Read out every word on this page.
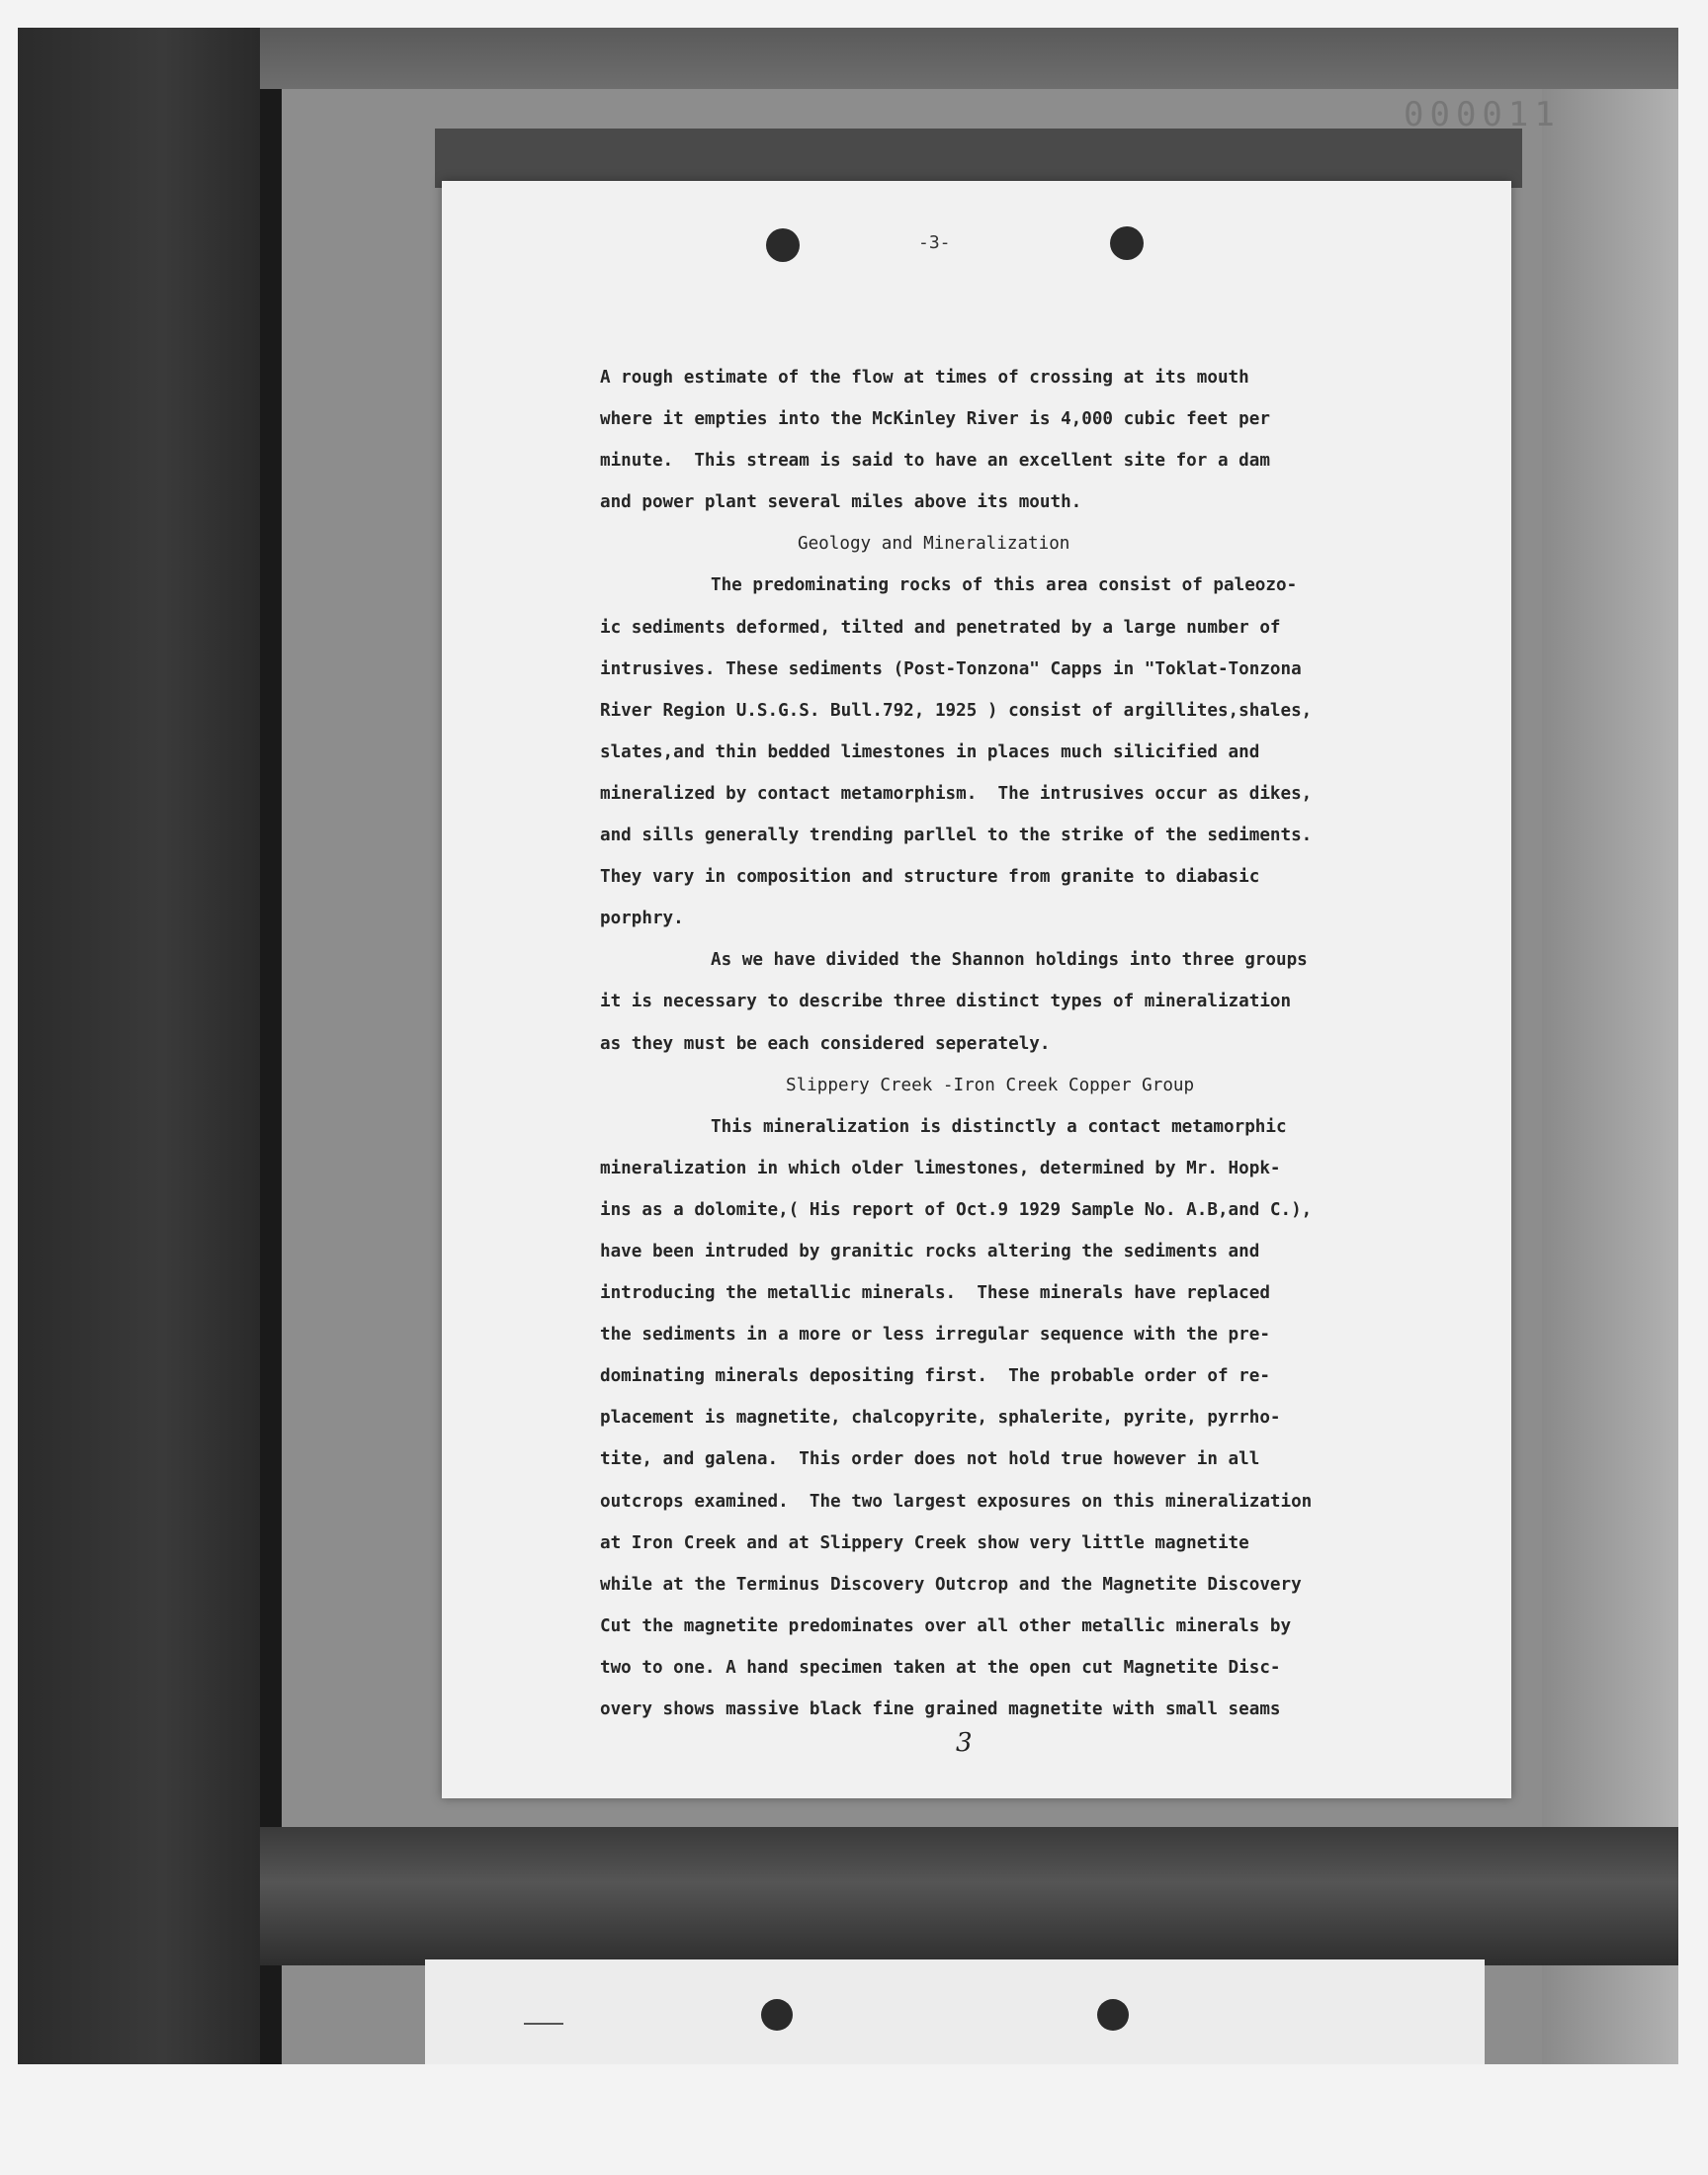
000011
-3-
A rough estimate of the flow at times of crossing at its mouth
where it empties into the McKinley River is 4,000 cubic feet per
minute.  This stream is said to have an excellent site for a dam
and power plant several miles above its mouth.
Geology and Mineralization
The predominating rocks of this area consist of paleozo-
ic sediments deformed, tilted and penetrated by a large number of
intrusives. These sediments (Post-Tonzona" Capps in "Toklat-Tonzona
River Region U.S.G.S. Bull.792, 1925 ) consist of argillites,shales,
slates,and thin bedded limestones in places much silicified and
mineralized by contact metamorphism.  The intrusives occur as dikes,
and sills generally trending parllel to the strike of the sediments.
They vary in composition and structure from granite to diabasic
porphry.
As we have divided the Shannon holdings into three groups
it is necessary to describe three distinct types of mineralization
as they must be each considered seperately.
Slippery Creek -Iron Creek Copper Group
This mineralization is distinctly a contact metamorphic
mineralization in which older limestones, determined by Mr. Hopk-
ins as a dolomite,( His report of Oct.9 1929 Sample No. A.B,and C.),
have been intruded by granitic rocks altering the sediments and
introducing the metallic minerals.  These minerals have replaced
the sediments in a more or less irregular sequence with the pre-
dominating minerals depositing first.  The probable order of re-
placement is magnetite, chalcopyrite, sphalerite, pyrite, pyrrho-
tite, and galena.  This order does not hold true however in all
outcrops examined.  The two largest exposures on this mineralization
at Iron Creek and at Slippery Creek show very little magnetite
while at the Terminus Discovery Outcrop and the Magnetite Discovery
Cut the magnetite predominates over all other metallic minerals by
two to one. A hand specimen taken at the open cut Magnetite Disc-
overy shows massive black fine grained magnetite with small seams
3
